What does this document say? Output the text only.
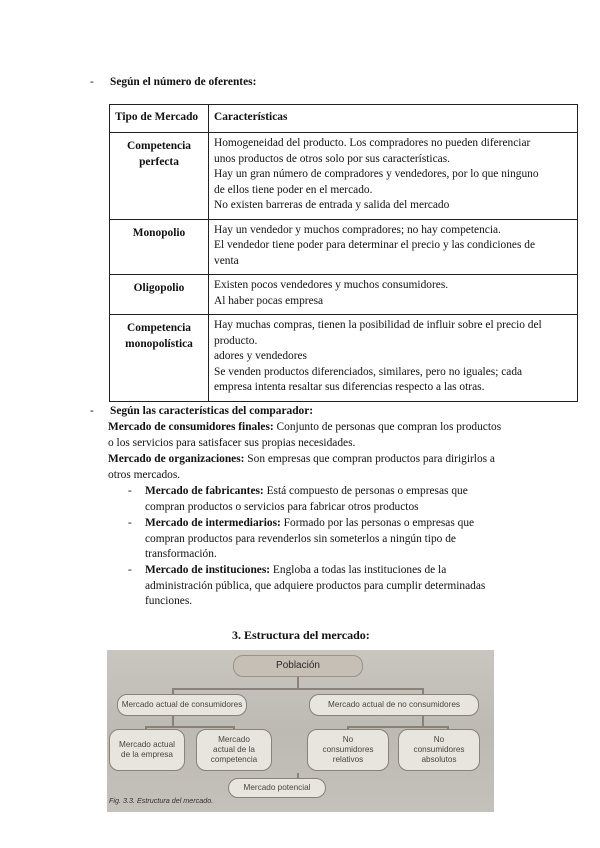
- Según el número de oferentes:
Tipo de Mercado	Características

Competencia
perfecta	Homogeneidad del producto. Los compradores no pueden diferenciar
unos productos de otros solo por sus características.
Hay un gran número de compradores y vendedores, por lo que ninguno
de ellos tiene poder en el mercado.
No existen barreras de entrada y salida del mercado

Monopolio	Hay un vendedor y muchos compradores; no hay competencia.
El vendedor tiene poder para determinar el precio y las condiciones de
venta

Oligopolio	Existen pocos vendedores y muchos consumidores.
Al haber pocas empresa

Competencia
monopolística	Hay muchas compras, tienen la posibilidad de influir sobre el precio del
producto.
adores y vendedores
Se venden productos diferenciados, similares, pero no iguales; cada
empresa intenta resaltar sus diferencias respecto a las otras.
- Según las características del comparador:
Mercado de consumidores finales: Conjunto de personas que compran los productos
o los servicios para satisfacer sus propias necesidades.
Mercado de organizaciones: Son empresas que compran productos para dirigirlos a
otros mercados.
- Mercado de fabricantes: Está compuesto de personas o empresas que
compran productos o servicios para fabricar otros productos
- Mercado de intermediarios: Formado por las personas o empresas que
compran productos para revenderlos sin someterlos a ningún tipo de
transformación.
- Mercado de instituciones: Engloba a todas las instituciones de la
administración pública, que adquiere productos para cumplir determinadas
funciones.
3. Estructura del mercado:
Población
Mercado actual de consumidores	Mercado actual de no consumidores
Mercado actual
de la empresa
Mercado
actual de la
competencia
No
consumidores
relativos
No
consumidores
absolutos
Mercado potencial
Fig. 3.3. Estructura del mercado.
